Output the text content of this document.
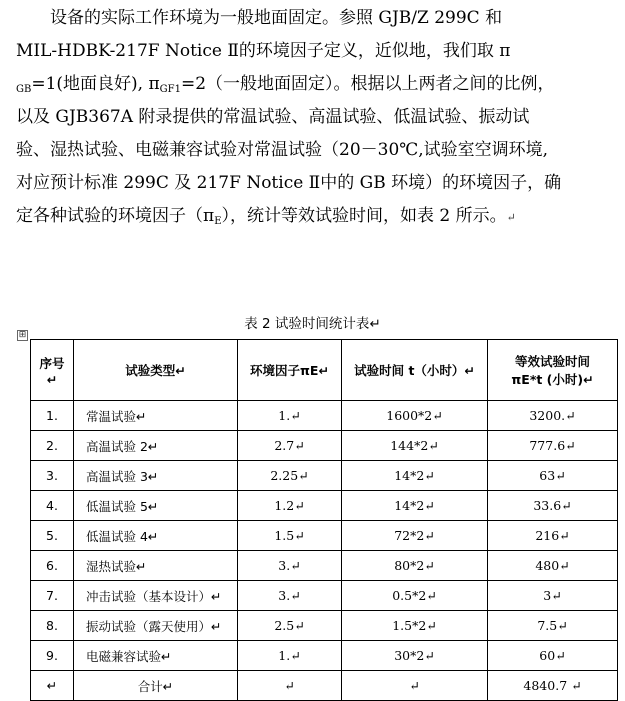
设备的实际工作环境为一般地面固定。参照 GJB/Z 299C 和

MIL-HDBK-217F Notice Ⅱ的环境因子定义，近似地，我们取 π

$_{GB}$=1(地面良好), $\pi_{GF1}=2$（一般地面固定）。根据以上两者之间的比例，

以及 GJB367A 附录提供的常温试验、高温试验、低温试验、振动试

验、湿热试验、电磁兼容试验对常温试验（20－30℃,试验室空调环境,

对应预计标准 299C 及 217F Notice Ⅱ中的 GB 环境）的环境因子，确

定各种试验的环境因子$(\pi_E)$，统计等效试验时间，如表 2 所示。↵

表 2 试验时间统计表↵
⊞
序号↵	试验类型↵	环境因子πE↵	试验时间 t（小时）↵	等效试验时间
πE*t (小时)↵

1.	常温试验↵	1.↵	1600*2↵	3200.↵
2.	高温试验 2↵	2.7↵	144*2↵	777.6↵
3.	高温试验 3↵	2.25↵	14*2↵	63↵
4.	低温试验 5↵	1.2↵	14*2↵	33.6↵
5.	低温试验 4↵	1.5↵	72*2↵	216↵
6.	湿热试验↵	3.↵	80*2↵	480↵
7.	冲击试验（基本设计）↵	3.↵	0.5*2↵	3↵
8.	振动试验（露天使用）↵	2.5↵	1.5*2↵	7.5↵
9.	电磁兼容试验↵	1.↵	30*2↵	60↵
↵	合计↵	↵	↵	4840.7 ↵
